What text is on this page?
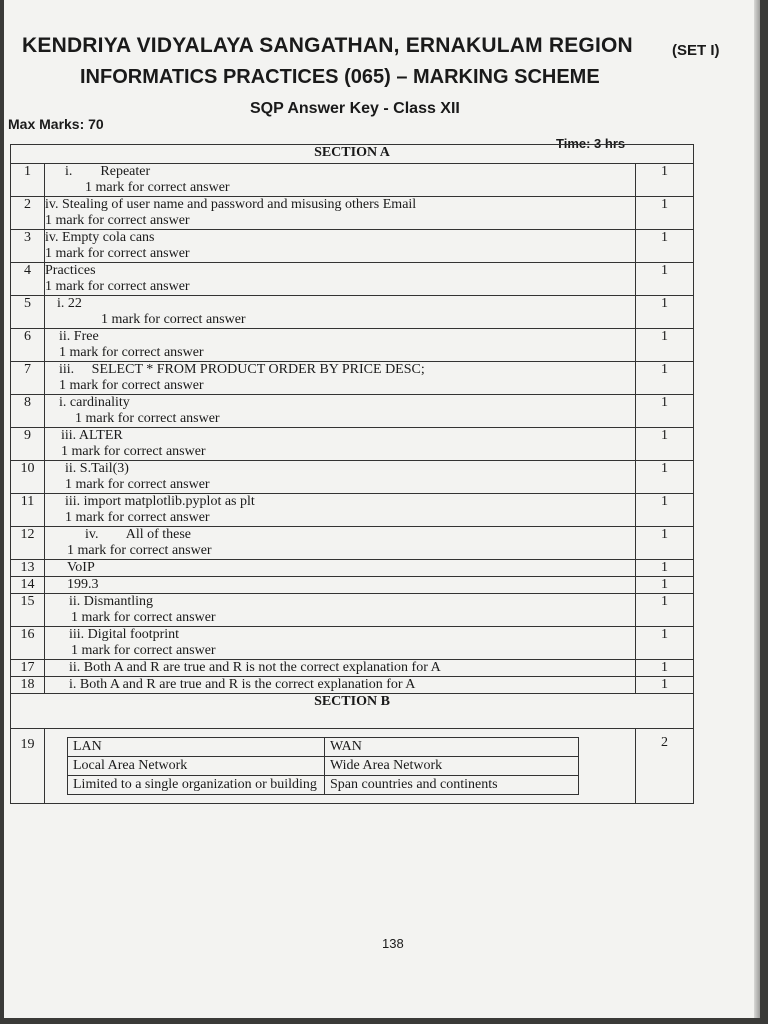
KENDRIYA VIDYALAYA SANGATHAN, ERNAKULAM REGION	(SET I)
INFORMATICS PRACTICES (065) – MARKING SCHEME
SQP Answer Key - Class XII
Max Marks: 70
Time: 3 hrs
SECTION A
1	i.        Repeater
1 mark for correct answer
	1
2	iv. Stealing of user name and password and misusing others Email
1 mark for correct answer
	1
3	iv. Empty cola cans
1 mark for correct answer
	1
4	Practices
1 mark for correct answer
	1
5	i. 22
1 mark for correct answer
	1
6	ii. Free
1 mark for correct answer
	1
7	iii.     SELECT * FROM PRODUCT ORDER BY PRICE DESC;
1 mark for correct answer
	1
8	i. cardinality
1 mark for correct answer
	1
9	iii. ALTER
1 mark for correct answer
	1
10	ii. S.Tail(3)
1 mark for correct answer
	1
11	iii. import matplotlib.pyplot as plt
1 mark for correct answer
	1
12	iv.        All of these
1 mark for correct answer
	1
13	VoIP	1
14	199.3	1
15	ii. Dismantling
1 mark for correct answer
	1
16	iii. Digital footprint
1 mark for correct answer
	1
17	ii. Both A and R are true and R is not the correct explanation for A	1
18	i. Both A and R are true and R is the correct explanation for A	1
SECTION B
19		LAN	WAN
Local Area Network	Wide Area Network
Limited to a single organization or building	Span countries and continents
	2
138
